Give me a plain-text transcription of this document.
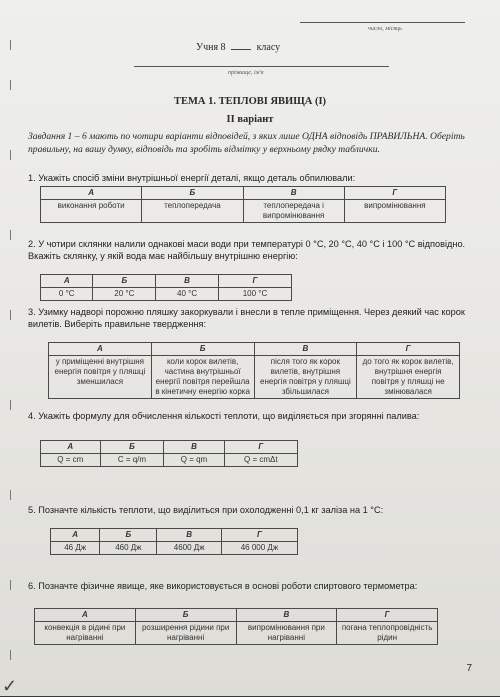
число, місяць
Учня 8	класу
прізвище, ім'я
ТЕМА 1. ТЕПЛОВІ ЯВИЩА (І)
ІІ варіант
Завдання 1 – 6 мають по чотири варіанти відповідей, з яких лише ОДНА відповідь ПРАВИЛЬНА. Оберіть правильну, на вашу думку, відповідь та зробіть відмітку у верхньому рядку таблички.
1. Укажіть спосіб зміни внутрішньої енергії деталі, якщо деталь обпилювали:
А	Б	В	Г
виконання роботи	теплопередача	теплопередача і випромінювання	випромінювання
2. У чотири склянки налили однакові маси води при температурі 0 °С, 20 °С, 40 °С і 100 °С відповідно. Вкажіть склянку, у якій вода має найбільшу внутрішню енергію:
А	Б	В	Г
0 °С	20 °С	40 °С	100 °С
3. Узимку надворі порожню пляшку закоркували і внесли в тепле приміщення. Через деякий час корок вилетів. Виберіть правильне твердження:
А	Б	В	Г
у приміщенні внутрішня енергія повітря у пляшці зменшилася	коли корок вилетів, частина внутрішньої енергії повітря перейшла в кінетичну енергію корка	після того як корок вилетів, внутрішня енергія повітря у пляшці збільшилася	до того як корок вилетів, внутрішня енергія повітря у пляшці не змінювалася
4. Укажіть формулу для обчислення кількості теплоти, що виділяється при згорянні палива:
А	Б	В	Г
Q = cm	C = q/m	Q = qm	Q = cmΔt
5. Позначте кількість теплоти, що виділиться при охолодженні 0,1 кг заліза на 1 °С:
А	Б	В	Г
46 Дж	460 Дж	4600 Дж	46 000 Дж
6. Позначте фізичне явище, яке використовується в основі роботи спиртового термометра:
А	Б	В	Г
конвекція в рідині при нагріванні	розширення рідини при нагріванні	випромінювання при нагріванні	погана теплопровідність рідин
7
✓
